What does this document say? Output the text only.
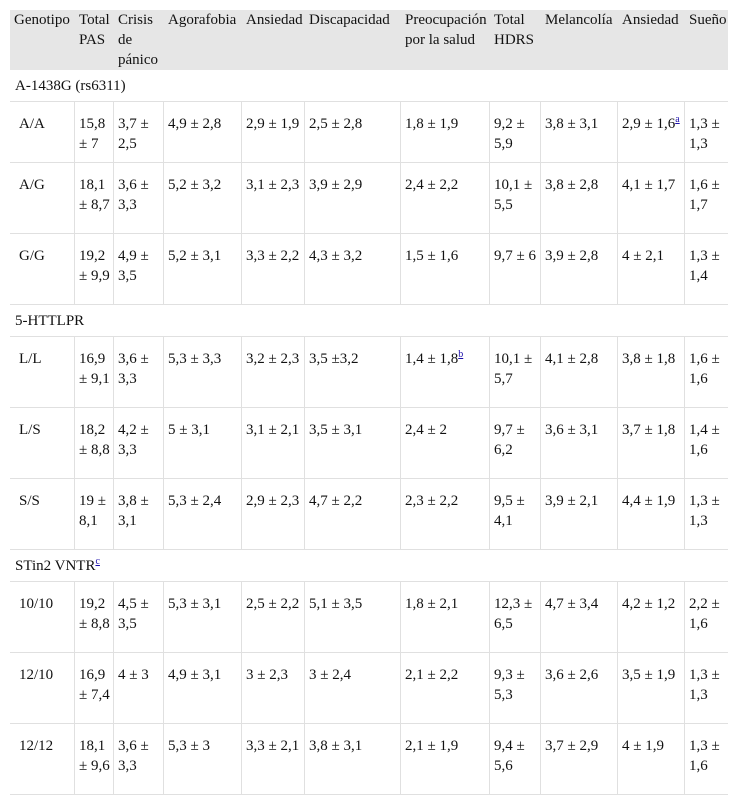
Genotipo	Total PAS	Crisis de pánico	Agorafobia	Ansiedad	Discapacidad	Preocupación por la salud	Total HDRS	Melancolía	Ansiedad	Sueño
A-1438G (rs6311)										
A/A	15,8 ± 7	3,7 ± 2,5	4,9 ± 2,8	2,9 ± 1,9	2,5 ± 2,8	1,8 ± 1,9	9,2 ± 5,9	3,8 ± 3,1	2,9 ± 1,6$^a$	1,3 ± 1,3
A/G	18,1 ± 8,7	3,6 ± 3,3	5,2 ± 3,2	3,1 ± 2,3	3,9 ± 2,9	2,4 ± 2,2	10,1 ± 5,5	3,8 ± 2,8	4,1 ± 1,7	1,6 ± 1,7
G/G	19,2 ± 9,9	4,9 ± 3,5	5,2 ± 3,1	3,3 ± 2,2	4,3 ± 3,2	1,5 ± 1,6	9,7 ± 6	3,9 ± 2,8	4 ± 2,1	1,3 ± 1,4
5-HTTLPR										
L/L	16,9 ± 9,1	3,6 ± 3,3	5,3 ± 3,3	3,2 ± 2,3	3,5 ±3,2	1,4 ± 1,8$^b$	10,1 ± 5,7	4,1 ± 2,8	3,8 ± 1,8	1,6 ± 1,6
L/S	18,2 ± 8,8	4,2 ± 3,3	5 ± 3,1	3,1 ± 2,1	3,5 ± 3,1	2,4 ± 2	9,7 ± 6,2	3,6 ± 3,1	3,7 ± 1,8	1,4 ± 1,6
S/S	19 ± 8,1	3,8 ± 3,1	5,3 ± 2,4	2,9 ± 2,3	4,7 ± 2,2	2,3 ± 2,2	9,5 ± 4,1	3,9 ± 2,1	4,4 ± 1,9	1,3 ± 1,3
STin2 VNTR$^c$
10/10	19,2 ± 8,8	4,5 ± 3,5	5,3 ± 3,1	2,5 ± 2,2	5,1 ± 3,5	1,8 ± 2,1	12,3 ± 6,5	4,7 ± 3,4	4,2 ± 1,2	2,2 ± 1,6
12/10	16,9 ± 7,4	4 ± 3	4,9 ± 3,1	3 ± 2,3	3 ± 2,4	2,1 ± 2,2	9,3 ± 5,3	3,6 ± 2,6	3,5 ± 1,9	1,3 ± 1,3
12/12	18,1 ± 9,6	3,6 ± 3,3	5,3 ± 3	3,3 ± 2,1	3,8 ± 3,1	2,1 ± 1,9	9,4 ± 5,6	3,7 ± 2,9	4 ± 1,9	1,3 ± 1,6
